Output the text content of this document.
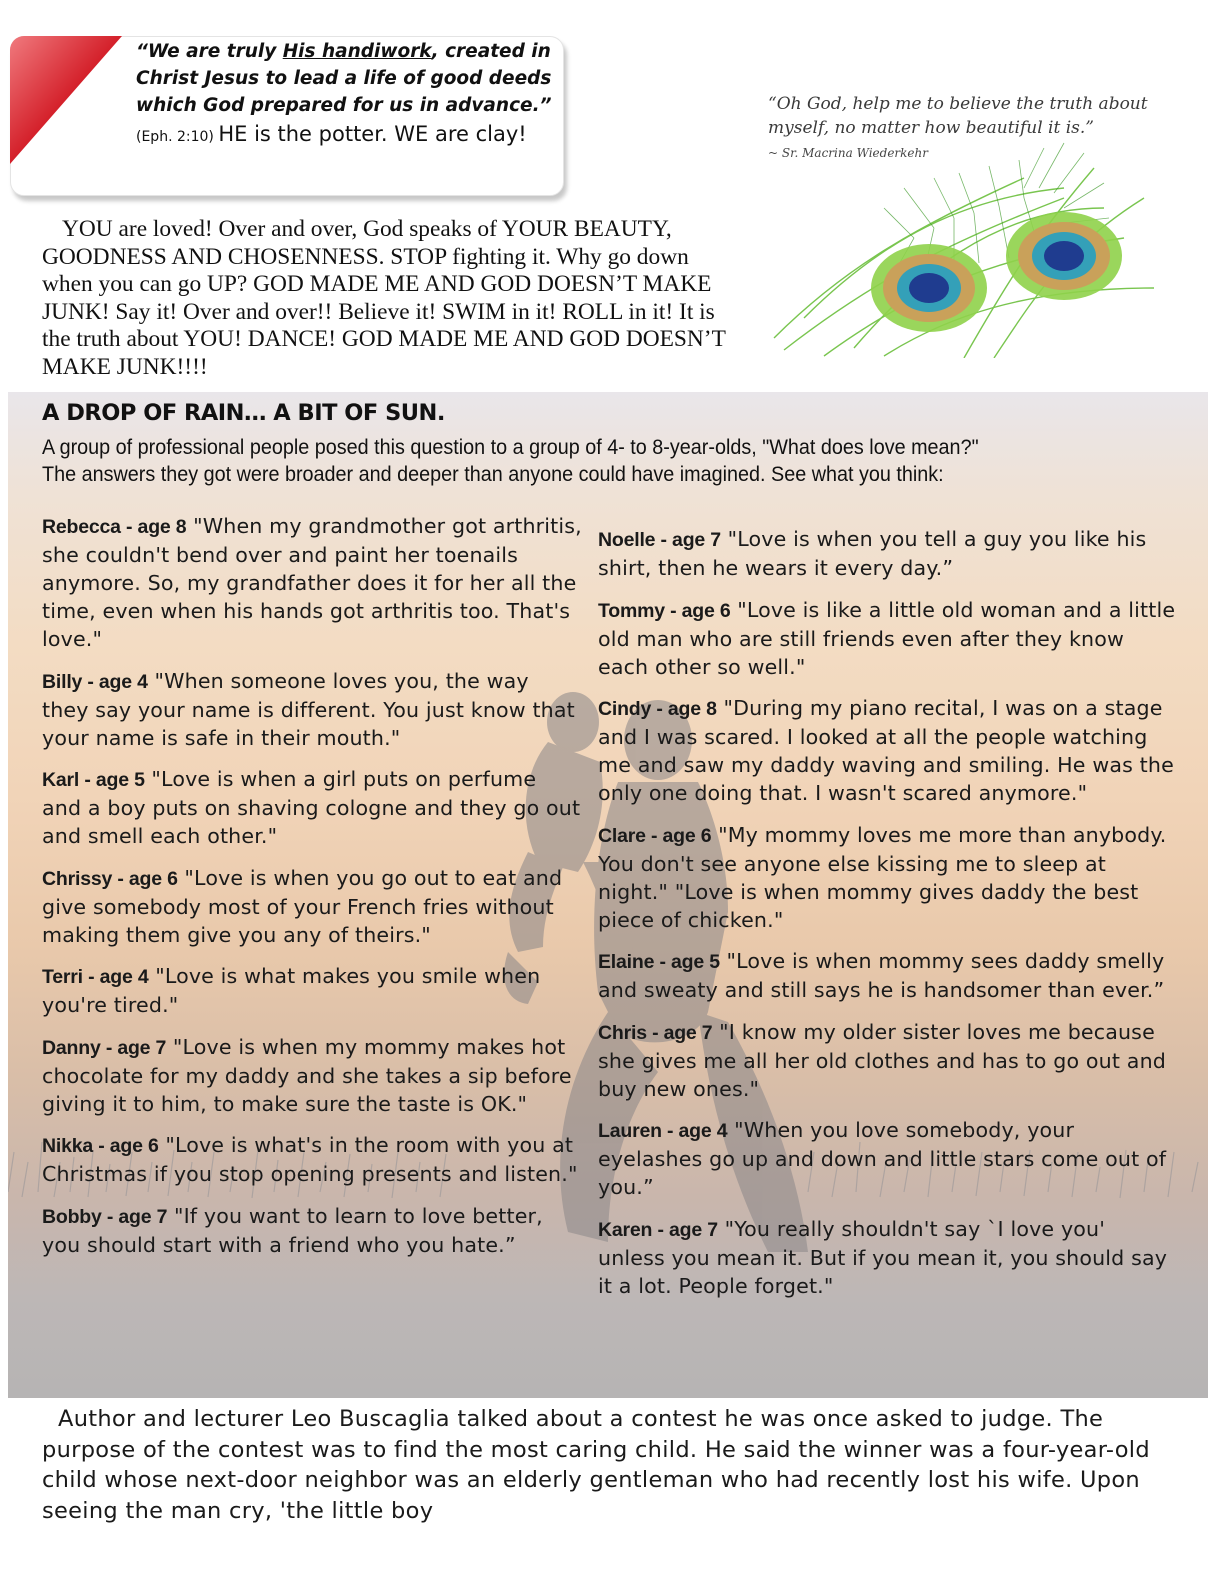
“We are truly His handiwork, created in Christ Jesus to lead a life of good deeds which God prepared for us in advance.” (Eph. 2:10) HE is the potter. WE are clay!
YOU are loved! Over and over, God speaks of YOUR BEAUTY, GOODNESS AND CHOSENNESS. STOP fighting it. Why go down when you can go UP? GOD MADE ME AND GOD DOESN’T MAKE JUNK! Say it! Over and over!! Believe it! SWIM in it! ROLL in it! It is the truth about YOU! DANCE! GOD MADE ME AND GOD DOESN’T MAKE JUNK!!!!
“Oh God, help me to believe the truth about myself, no matter how beautiful it is.”
~ Sr. Macrina Wiederkehr
A DROP OF RAIN… A BIT OF SUN.
A group of professional people posed this question to a group of 4- to 8-year-olds, "What does love mean?"
The answers they got were broader and deeper than anyone could have imagined. See what you think:

Rebecca - age 8 "When my grandmother got arthritis, she couldn't bend over and paint her toenails anymore. So, my grandfather does it for her all the time, even when his hands got arthritis too. That's love."

Billy - age 4 "When someone loves you, the way they say your name is different. You just know that your name is safe in their mouth."

Karl - age 5 "Love is when a girl puts on perfume and a boy puts on shaving cologne and they go out and smell each other."

Chrissy - age 6 "Love is when you go out to eat and give somebody most of your French fries without making them give you any of theirs."

Terri - age 4 "Love is what makes you smile when you're tired."

Danny - age 7 "Love is when my mommy makes hot chocolate for my daddy and she takes a sip before giving it to him, to make sure the taste is OK."

Nikka - age 6 "Love is what's in the room with you at Christmas if you stop opening presents and listen."

Bobby - age 7 "If you want to learn to love better, you should start with a friend who you hate.”

Noelle - age 7 "Love is when you tell a guy you like his shirt, then he wears it every day.”

Tommy - age 6 "Love is like a little old woman and a little old man who are still friends even after they know each other so well."

Cindy - age 8 "During my piano recital, I was on a stage and I was scared. I looked at all the people watching me and saw my daddy waving and smiling. He was the only one doing that. I wasn't scared anymore."

Clare - age 6 "My mommy loves me more than anybody. You don't see anyone else kissing me to sleep at night." "Love is when mommy gives daddy the best piece of chicken."

Elaine - age 5 "Love is when mommy sees daddy smelly and sweaty and still says he is handsomer than ever.”

Chris - age 7 "I know my older sister loves me because she gives me all her old clothes and has to go out and buy new ones."

Lauren - age 4 "When you love somebody, your eyelashes go up and down and little stars come out of you.”

Karen - age 7 "You really shouldn't say `I love you' unless you mean it. But if you mean it, you should say it a lot. People forget."

Author and lecturer Leo Buscaglia talked about a contest he was once asked to judge. The purpose of the contest was to find the most caring child. He said the winner was a four-year-old child whose next-door neighbor was an elderly gentleman who had recently lost his wife. Upon seeing the man cry, 'the little boy
